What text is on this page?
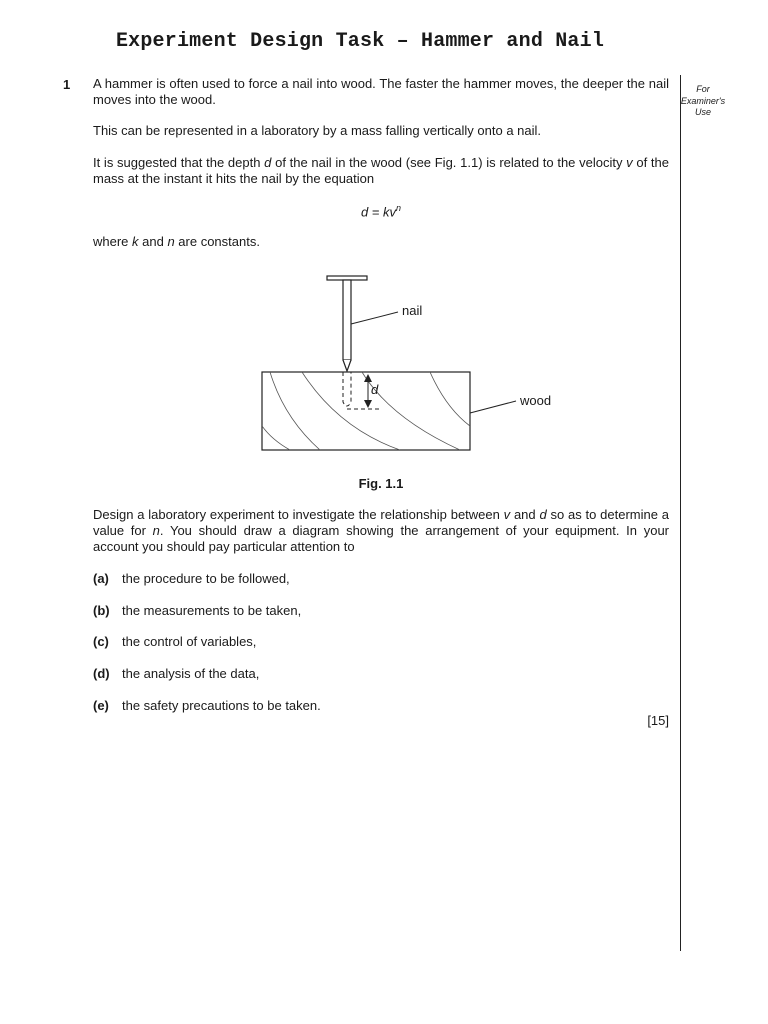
Experiment Design Task – Hammer and Nail
For
Examiner's
Use
1 A hammer is often used to force a nail into wood. The faster the hammer moves, the deeper the nail moves into the wood.

This can be represented in a laboratory by a mass falling vertically onto a nail.

It is suggested that the depth d of the nail in the wood (see Fig. 1.1) is related to the velocity v of the mass at the instant it hits the nail by the equation

$d = kv^n$

where k and n are constants.

nail
d
wood
Fig. 1.1

Design a laboratory experiment to investigate the relationship between v and d so as to determine a value for n. You should draw a diagram showing the arrangement of your equipment. In your account you should pay particular attention to

(a) the procedure to be followed,
(b) the measurements to be taken,
(c) the control of variables,
(d) the analysis of the data,
(e) the safety precautions to be taken.
[15]
